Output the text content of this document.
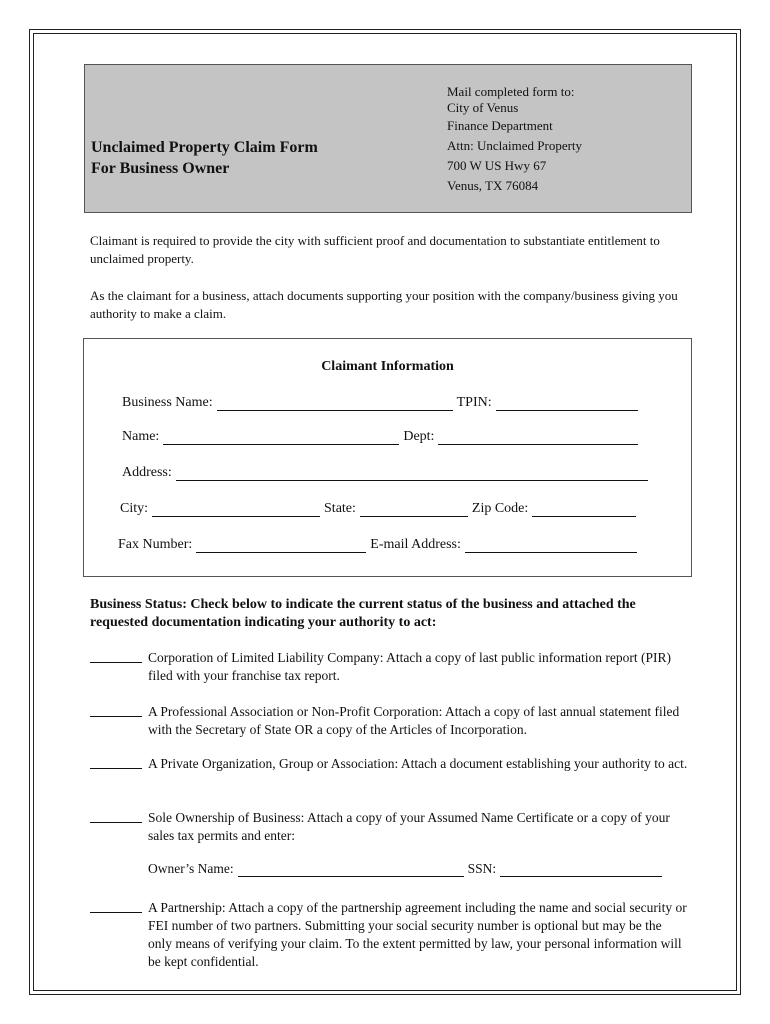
Unclaimed Property Claim Form
For Business Owner
Mail completed form to:
City of Venus
Finance Department
Attn: Unclaimed Property
700 W US Hwy 67
Venus, TX 76084
Claimant is required to provide the city with sufficient proof and documentation to substantiate entitlement to unclaimed property.
As the claimant for a business, attach documents supporting your position with the company/business giving you authority to make a claim.
Claimant Information
Business Name:	TPIN:
Name:	Dept:
Address:
City:	State:	Zip Code:
Fax Number:	E-mail Address:
Business Status: Check below to indicate the current status of the business and attached the requested documentation indicating your authority to act:
Corporation of Limited Liability Company: Attach a copy of last public information report (PIR) filed with your franchise tax report.
A Professional Association or Non-Profit Corporation: Attach a copy of last annual statement filed with the Secretary of State OR a copy of the Articles of Incorporation.
A Private Organization, Group or Association: Attach a document establishing your authority to act.
Sole Ownership of Business: Attach a copy of your Assumed Name Certificate or a copy of your sales tax permits and enter:
Owner’s Name:	SSN:
A Partnership: Attach a copy of the partnership agreement including the name and social security or FEI number of two partners. Submitting your social security number is optional but may be the only means of verifying your claim. To the extent permitted by law, your personal information will be kept confidential.
